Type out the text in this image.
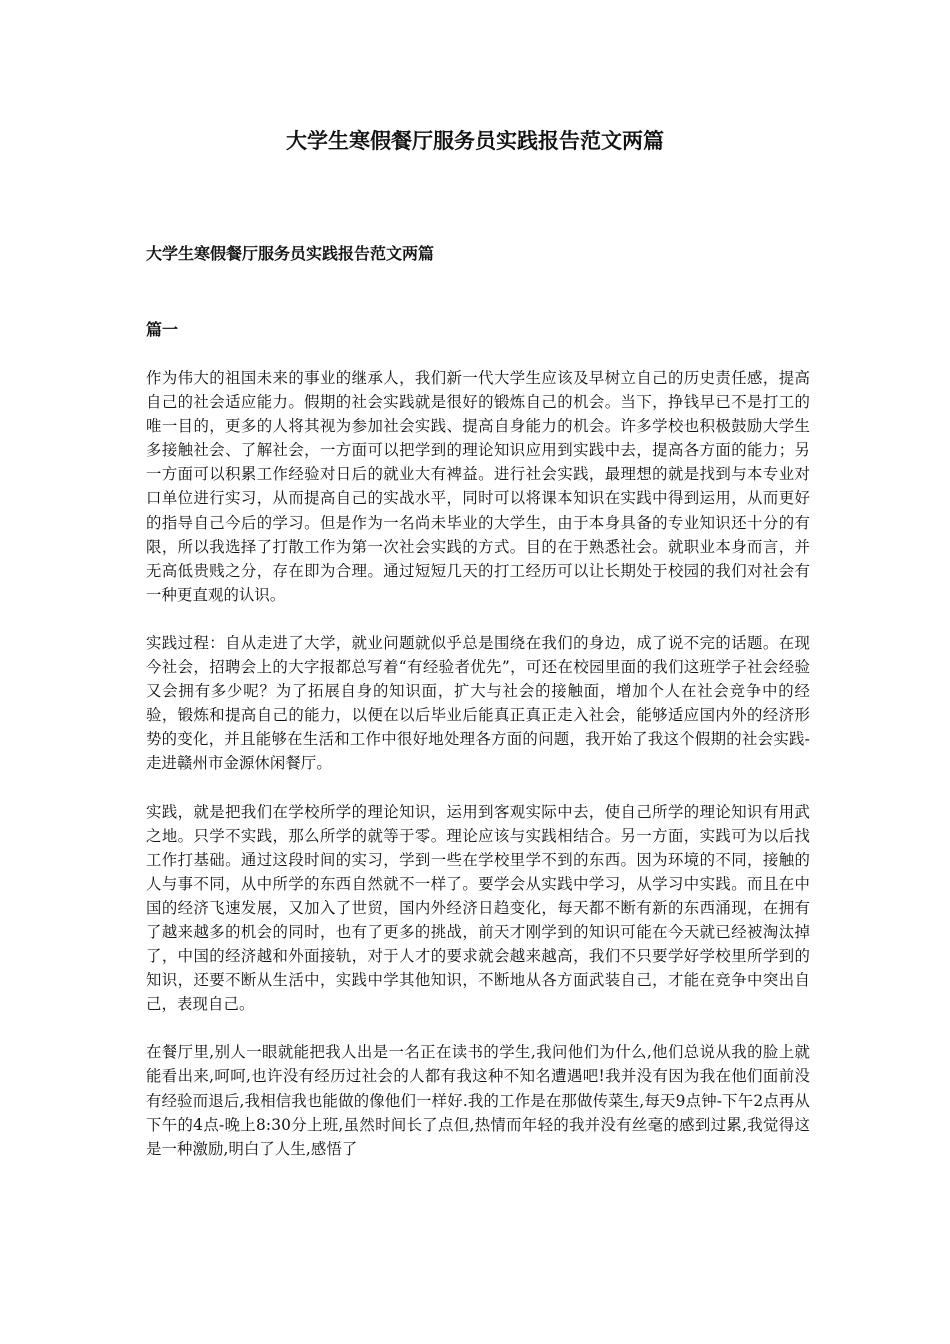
大学生寒假餐厅服务员实践报告范文两篇
大学生寒假餐厅服务员实践报告范文两篇
篇一

作为伟大的祖国未来的事业的继承人，我们新一代大学生应该及早树立自己的历史责任感，提高自己的社会适应能力。假期的社会实践就是很好的锻炼自己的机会。当下，挣钱早已不是打工的唯一目的，更多的人将其视为参加社会实践、提高自身能力的机会。许多学校也积极鼓励大学生多接触社会、了解社会，一方面可以把学到的理论知识应用到实践中去，提高各方面的能力；另一方面可以积累工作经验对日后的就业大有裨益。进行社会实践，最理想的就是找到与本专业对口单位进行实习，从而提高自己的实战水平，同时可以将课本知识在实践中得到运用，从而更好的指导自己今后的学习。但是作为一名尚未毕业的大学生，由于本身具备的专业知识还十分的有限，所以我选择了打散工作为第一次社会实践的方式。目的在于熟悉社会。就职业本身而言，并无高低贵贱之分，存在即为合理。通过短短几天的打工经历可以让长期处于校园的我们对社会有一种更直观的认识。

实践过程：自从走进了大学，就业问题就似乎总是围绕在我们的身边，成了说不完的话题。在现今社会，招聘会上的大字报都总写着“有经验者优先”，可还在校园里面的我们这班学子社会经验又会拥有多少呢？为了拓展自身的知识面，扩大与社会的接触面，增加个人在社会竞争中的经验，锻炼和提高自己的能力，以便在以后毕业后能真正真正走入社会，能够适应国内外的经济形势的变化，并且能够在生活和工作中很好地处理各方面的问题，我开始了我这个假期的社会实践-走进赣州市金源休闲餐厅。

实践，就是把我们在学校所学的理论知识，运用到客观实际中去，使自己所学的理论知识有用武之地。只学不实践，那么所学的就等于零。理论应该与实践相结合。另一方面，实践可为以后找工作打基础。通过这段时间的实习，学到一些在学校里学不到的东西。因为环境的不同，接触的人与事不同，从中所学的东西自然就不一样了。要学会从实践中学习，从学习中实践。而且在中国的经济飞速发展，又加入了世贸，国内外经济日趋变化，每天都不断有新的东西涌现，在拥有了越来越多的机会的同时，也有了更多的挑战，前天才刚学到的知识可能在今天就已经被淘汰掉了，中国的经济越和外面接轨，对于人才的要求就会越来越高，我们不只要学好学校里所学到的知识，还要不断从生活中，实践中学其他知识，不断地从各方面武装自己，才能在竞争中突出自己，表现自己。

在餐厅里,别人一眼就能把我人出是一名正在读书的学生,我问他们为什么,他们总说从我的脸上就能看出来,呵呵,也许没有经历过社会的人都有我这种不知名遭遇吧!我并没有因为我在他们面前没有经验而退后,我相信我也能做的像他们一样好.我的工作是在那做传菜生,每天9点钟-下午2点再从下午的4点-晚上8:30分上班,虽然时间长了点但,热情而年轻的我并没有丝毫的感到过累,我觉得这是一种激励,明白了人生,感悟了
